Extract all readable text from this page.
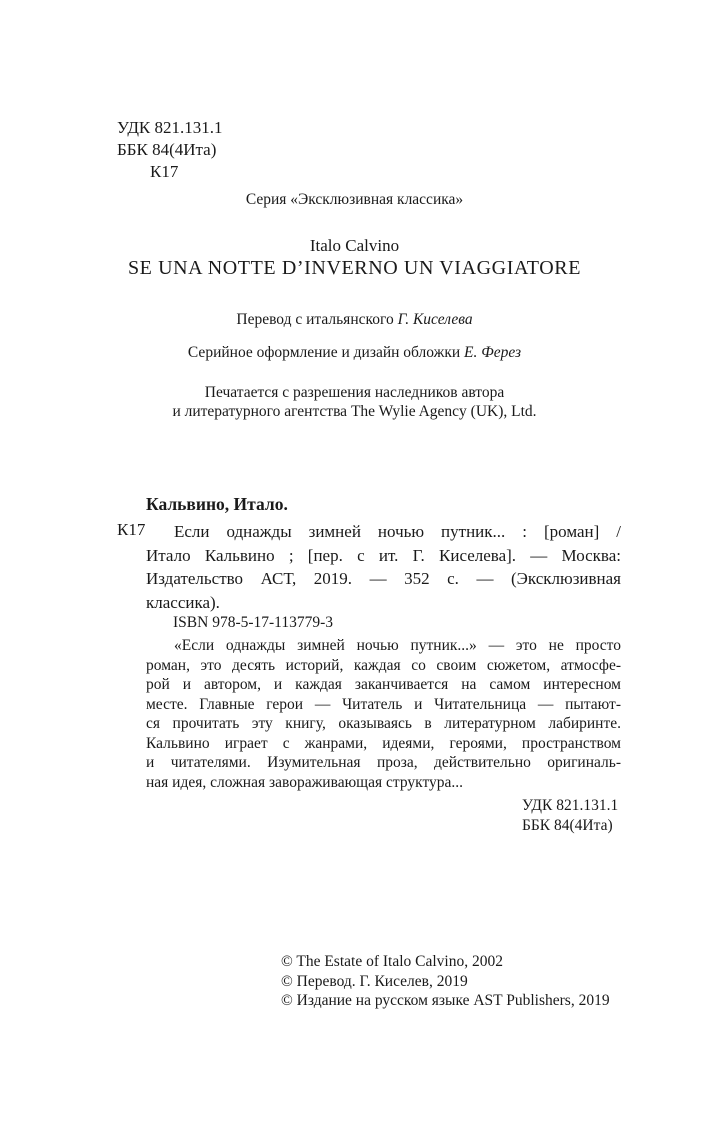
УДК 821.131.1
ББК 84(4Ита)
К17
Серия «Эксклюзивная классика»
Italo Calvino
SE UNA NOTTE D’INVERNO UN VIAGGIATORE
Перевод с итальянского Г. Киселева
Серийное оформление и дизайн обложки Е. Ферез
Печатается с разрешения наследников автора
и литературного агентства The Wylie Agency (UK), Ltd.
Кальвино, Итало.
К17	Если однажды зимней ночью путник... : [роман] /
Итало Кальвино ; [пер. с ит. Г. Киселева]. — Москва:
Издательство АСТ, 2019. — 352 с. — (Эксклюзивная
классика).
ISBN 978-5-17-113779-3
«Если однажды зимней ночью путник...» — это не просто
роман, это десять историй, каждая со своим сюжетом, атмосфе-
рой и автором, и каждая заканчивается на самом интересном
месте. Главные герои — Читатель и Читательница — пытают-
ся прочитать эту книгу, оказываясь в литературном лабиринте.
Кальвино играет с жанрами, идеями, героями, пространством
и читателями. Изумительная проза, действительно оригиналь-
ная идея, сложная завораживающая структура...
УДК 821.131.1
ББК 84(4Ита)
© The Estate of Italo Calvino, 2002
© Перевод. Г. Киселев, 2019
© Издание на русском языке AST Publishers, 2019
